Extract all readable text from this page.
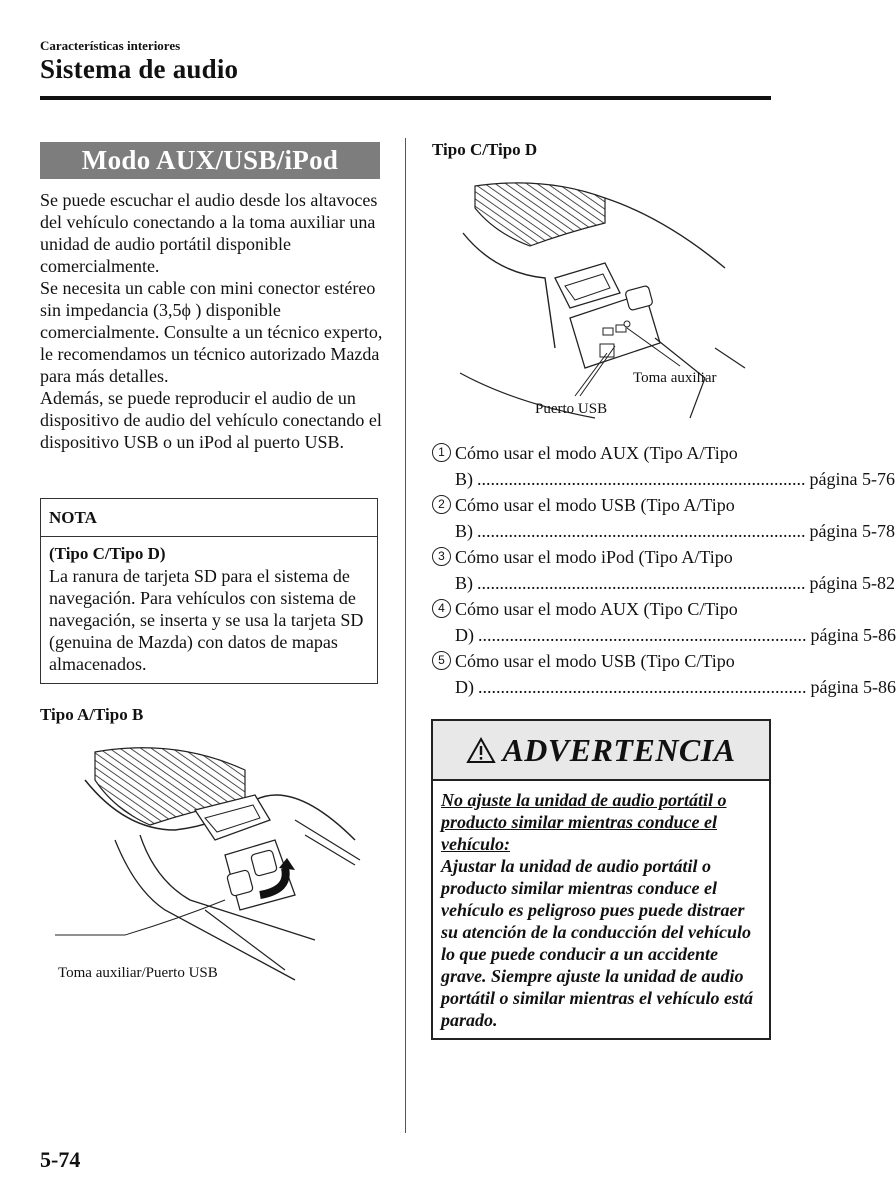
Características interiores
Sistema de audio
Modo AUX/USB/iPod

Se puede escuchar el audio desde los altavoces del vehículo conectando a la toma auxiliar una unidad de audio portátil disponible comercialmente.

Se necesita un cable con mini conector estéreo sin impedancia (3,5ϕ ) disponible comercialmente. Consulte a un técnico experto, le recomendamos un técnico autorizado Mazda para más detalles.

Además, se puede reproducir el audio de un dispositivo de audio del vehículo conectando el dispositivo USB o un iPod al puerto USB.

NOTA
(Tipo C/Tipo D)
La ranura de tarjeta SD para el sistema de navegación. Para vehículos con sistema de navegación, se inserta y se usa la tarjeta SD (genuina de Mazda) con datos de mapas almacenados.
Tipo A/Tipo B
Toma auxiliar/Puerto USB
Tipo C/Tipo D
Toma auxiliar
Puerto USB
1 Cómo usar el modo AUX (Tipo A/Tipo
B) ......................................................................... página 5-76
2 Cómo usar el modo USB (Tipo A/Tipo
B) ......................................................................... página 5-78
3 Cómo usar el modo iPod (Tipo A/Tipo
B) ......................................................................... página 5-82
4 Cómo usar el modo AUX (Tipo C/Tipo
D) ......................................................................... página 5-86
5 Cómo usar el modo USB (Tipo C/Tipo
D) ......................................................................... página 5-86
ADVERTENCIA

No ajuste la unidad de audio portátil o producto similar mientras conduce el vehículo:

Ajustar la unidad de audio portátil o producto similar mientras conduce el vehículo es peligroso pues puede distraer su atención de la conducción del vehículo lo que puede conducir a un accidente grave. Siempre ajuste la unidad de audio portátil o similar mientras el vehículo está parado.

5-74
